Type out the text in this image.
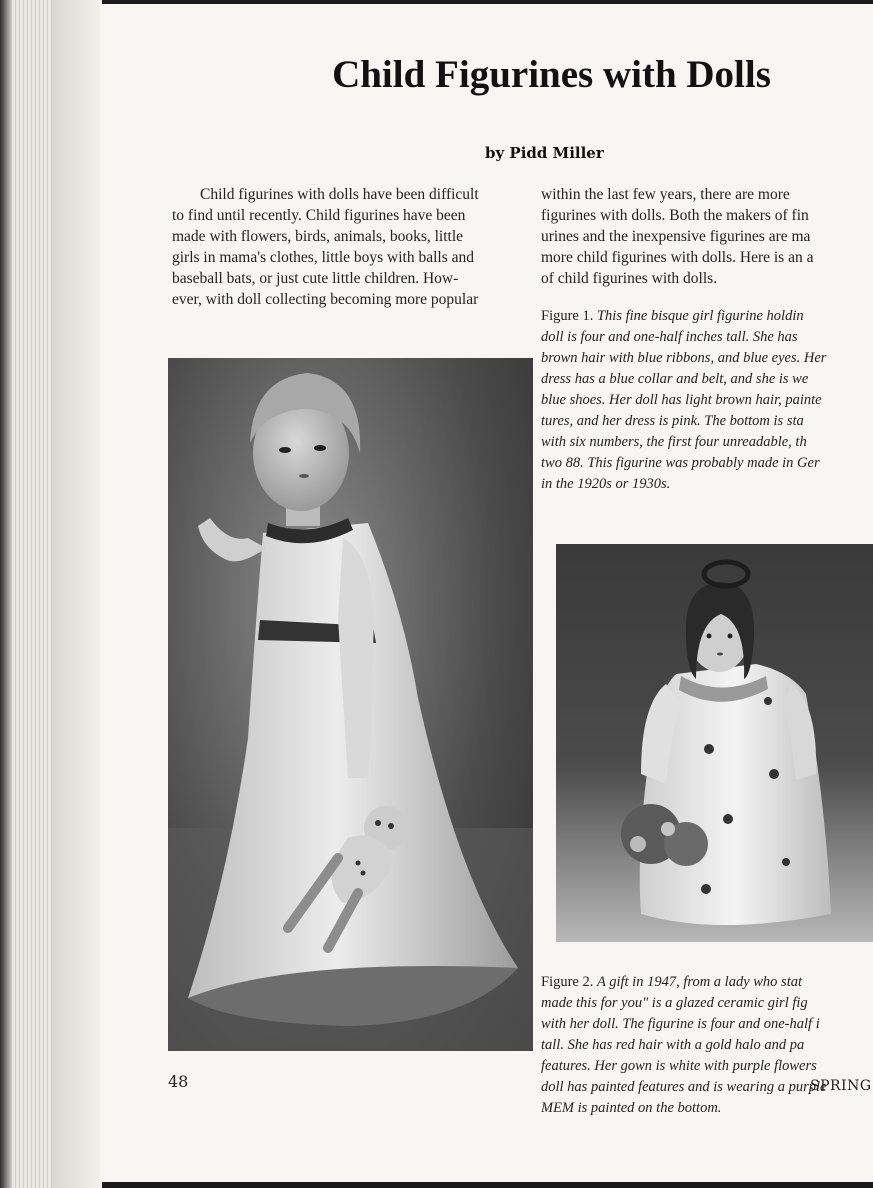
Child Figurines with Dolls
by Pidd Miller

Child figurines with dolls have been difficult

to find until recently. Child figurines have been

made with flowers, birds, animals, books, little

girls in mama's clothes, little boys with balls and

baseball bats, or just cute little children. How-

ever, with doll collecting becoming more popular

within the last few years, there are more

figurines with dolls. Both the makers of fin

urines and the inexpensive figurines are ma

more child figurines with dolls. Here is an a

of child figurines with dolls.

Figure 1. This fine bisque girl figurine holdin

doll is four and one-half inches tall. She has

brown hair with blue ribbons, and blue eyes. Her

dress has a blue collar and belt, and she is we

blue shoes. Her doll has light brown hair, painte

tures, and her dress is pink. The bottom is sta

with six numbers, the first four unreadable, th

two 88. This figurine was probably made in Ger

in the 1920s or 1930s.

Figure 2. A gift in 1947, from a lady who stat

made this for you" is a glazed ceramic girl fig

with her doll. The figurine is four and one-half i

tall. She has red hair with a gold halo and pa

features. Her gown is white with purple flowers

doll has painted features and is wearing a purple

MEM is painted on the bottom.

48	SPRING
